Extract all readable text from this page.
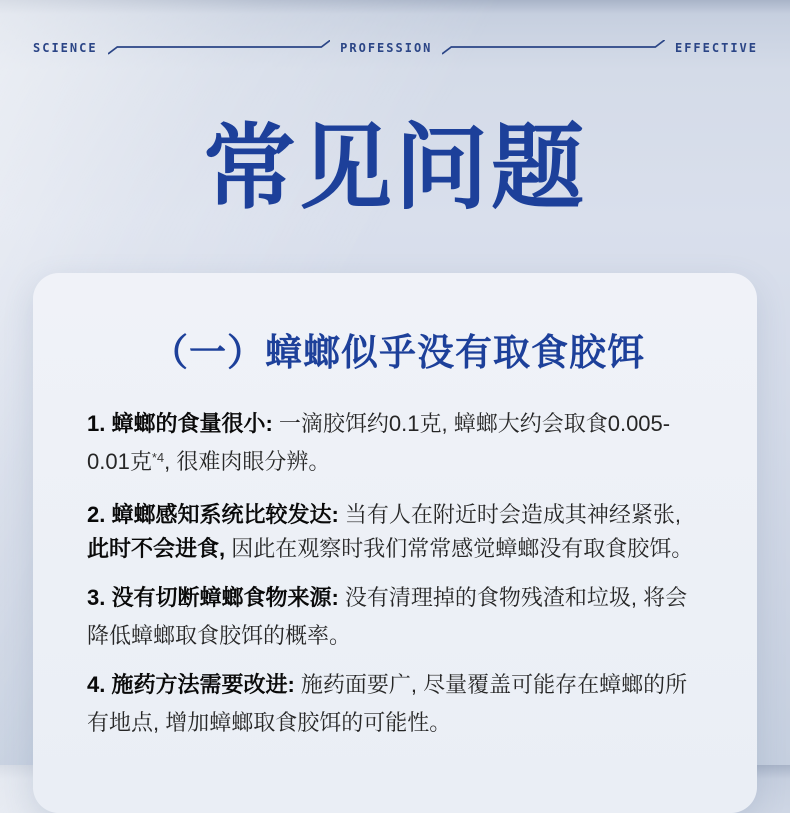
SCIENCE	PROFESSION	EFFECTIVE
常见问题
（一）蟑螂似乎没有取食胶饵

1. 蟑螂的食量很小: 一滴胶饵约0.1克, 蟑螂大约会取食0.005-0.01克$^{*4}$, 很难肉眼分辨。

2. 蟑螂感知系统比较发达: 当有人在附近时会造成其神经紧张, 此时不会进食, 因此在观察时我们常常感觉蟑螂没有取食胶饵。

3. 没有切断蟑螂食物来源: 没有清理掉的食物残渣和垃圾, 将会降低蟑螂取食胶饵的概率。

4. 施药方法需要改进: 施药面要广, 尽量覆盖可能存在蟑螂的所有地点, 增加蟑螂取食胶饵的可能性。
